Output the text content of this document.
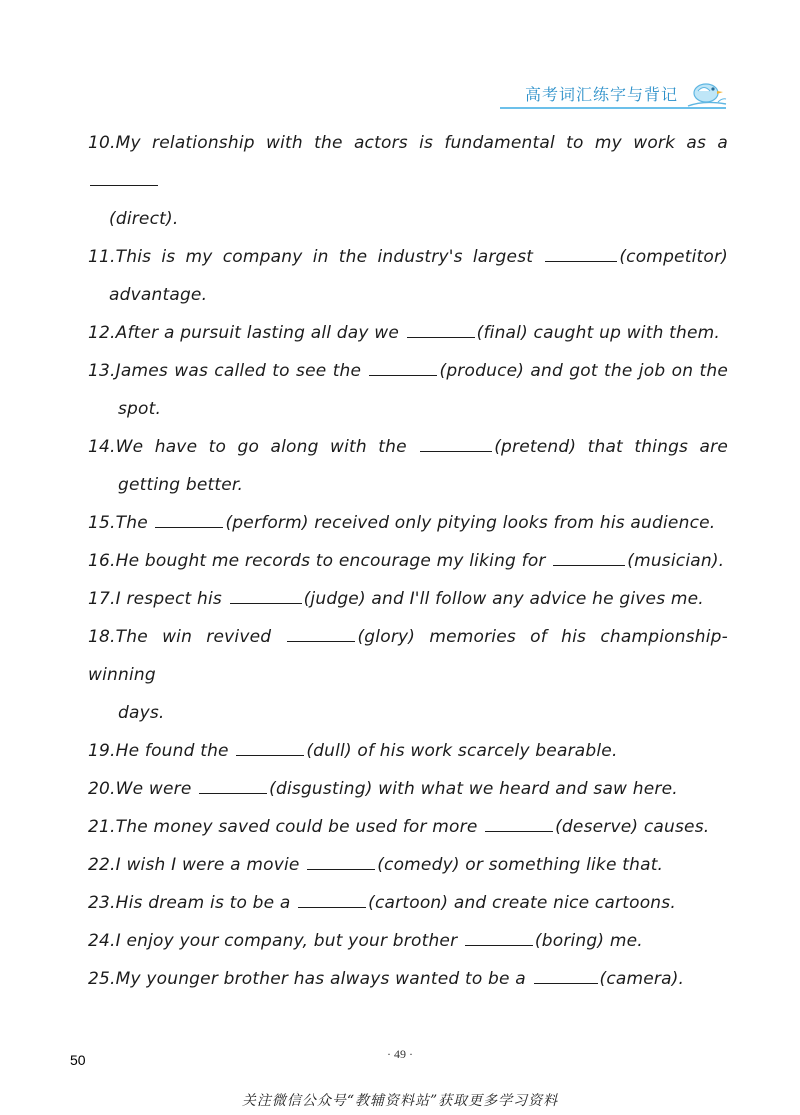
高考词汇练字与背记
10.My relationship with the actors is fundamental to my work as a
(direct).
11.This is my company in the industry's largest	(competitor)
advantage.
12.After a pursuit lasting all day we	(final) caught up with them.
13.James was called to see the	(produce) and got the job on the
spot.
14.We have to go along with the	(pretend) that things are
getting better.
15.The	(perform) received only pitying looks from his audience.
16.He bought me records to encourage my liking for	(musician).
17.I respect his	(judge) and I'll follow any advice he gives me.
18.The win revived	(glory) memories of his championship-winning
days.
19.He found the	(dull) of his work scarcely bearable.
20.We were	(disgusting) with what we heard and saw here.
21.The money saved could be used for more	(deserve) causes.
22.I wish I were a movie	(comedy) or something like that.
23.His dream is to be a	(cartoon) and create nice cartoons.
24.I enjoy your company, but your brother	(boring) me.
25.My younger brother has always wanted to be a	(camera).
50	· 49 ·
关注微信公众号“教辅资料站”获取更多学习资料
